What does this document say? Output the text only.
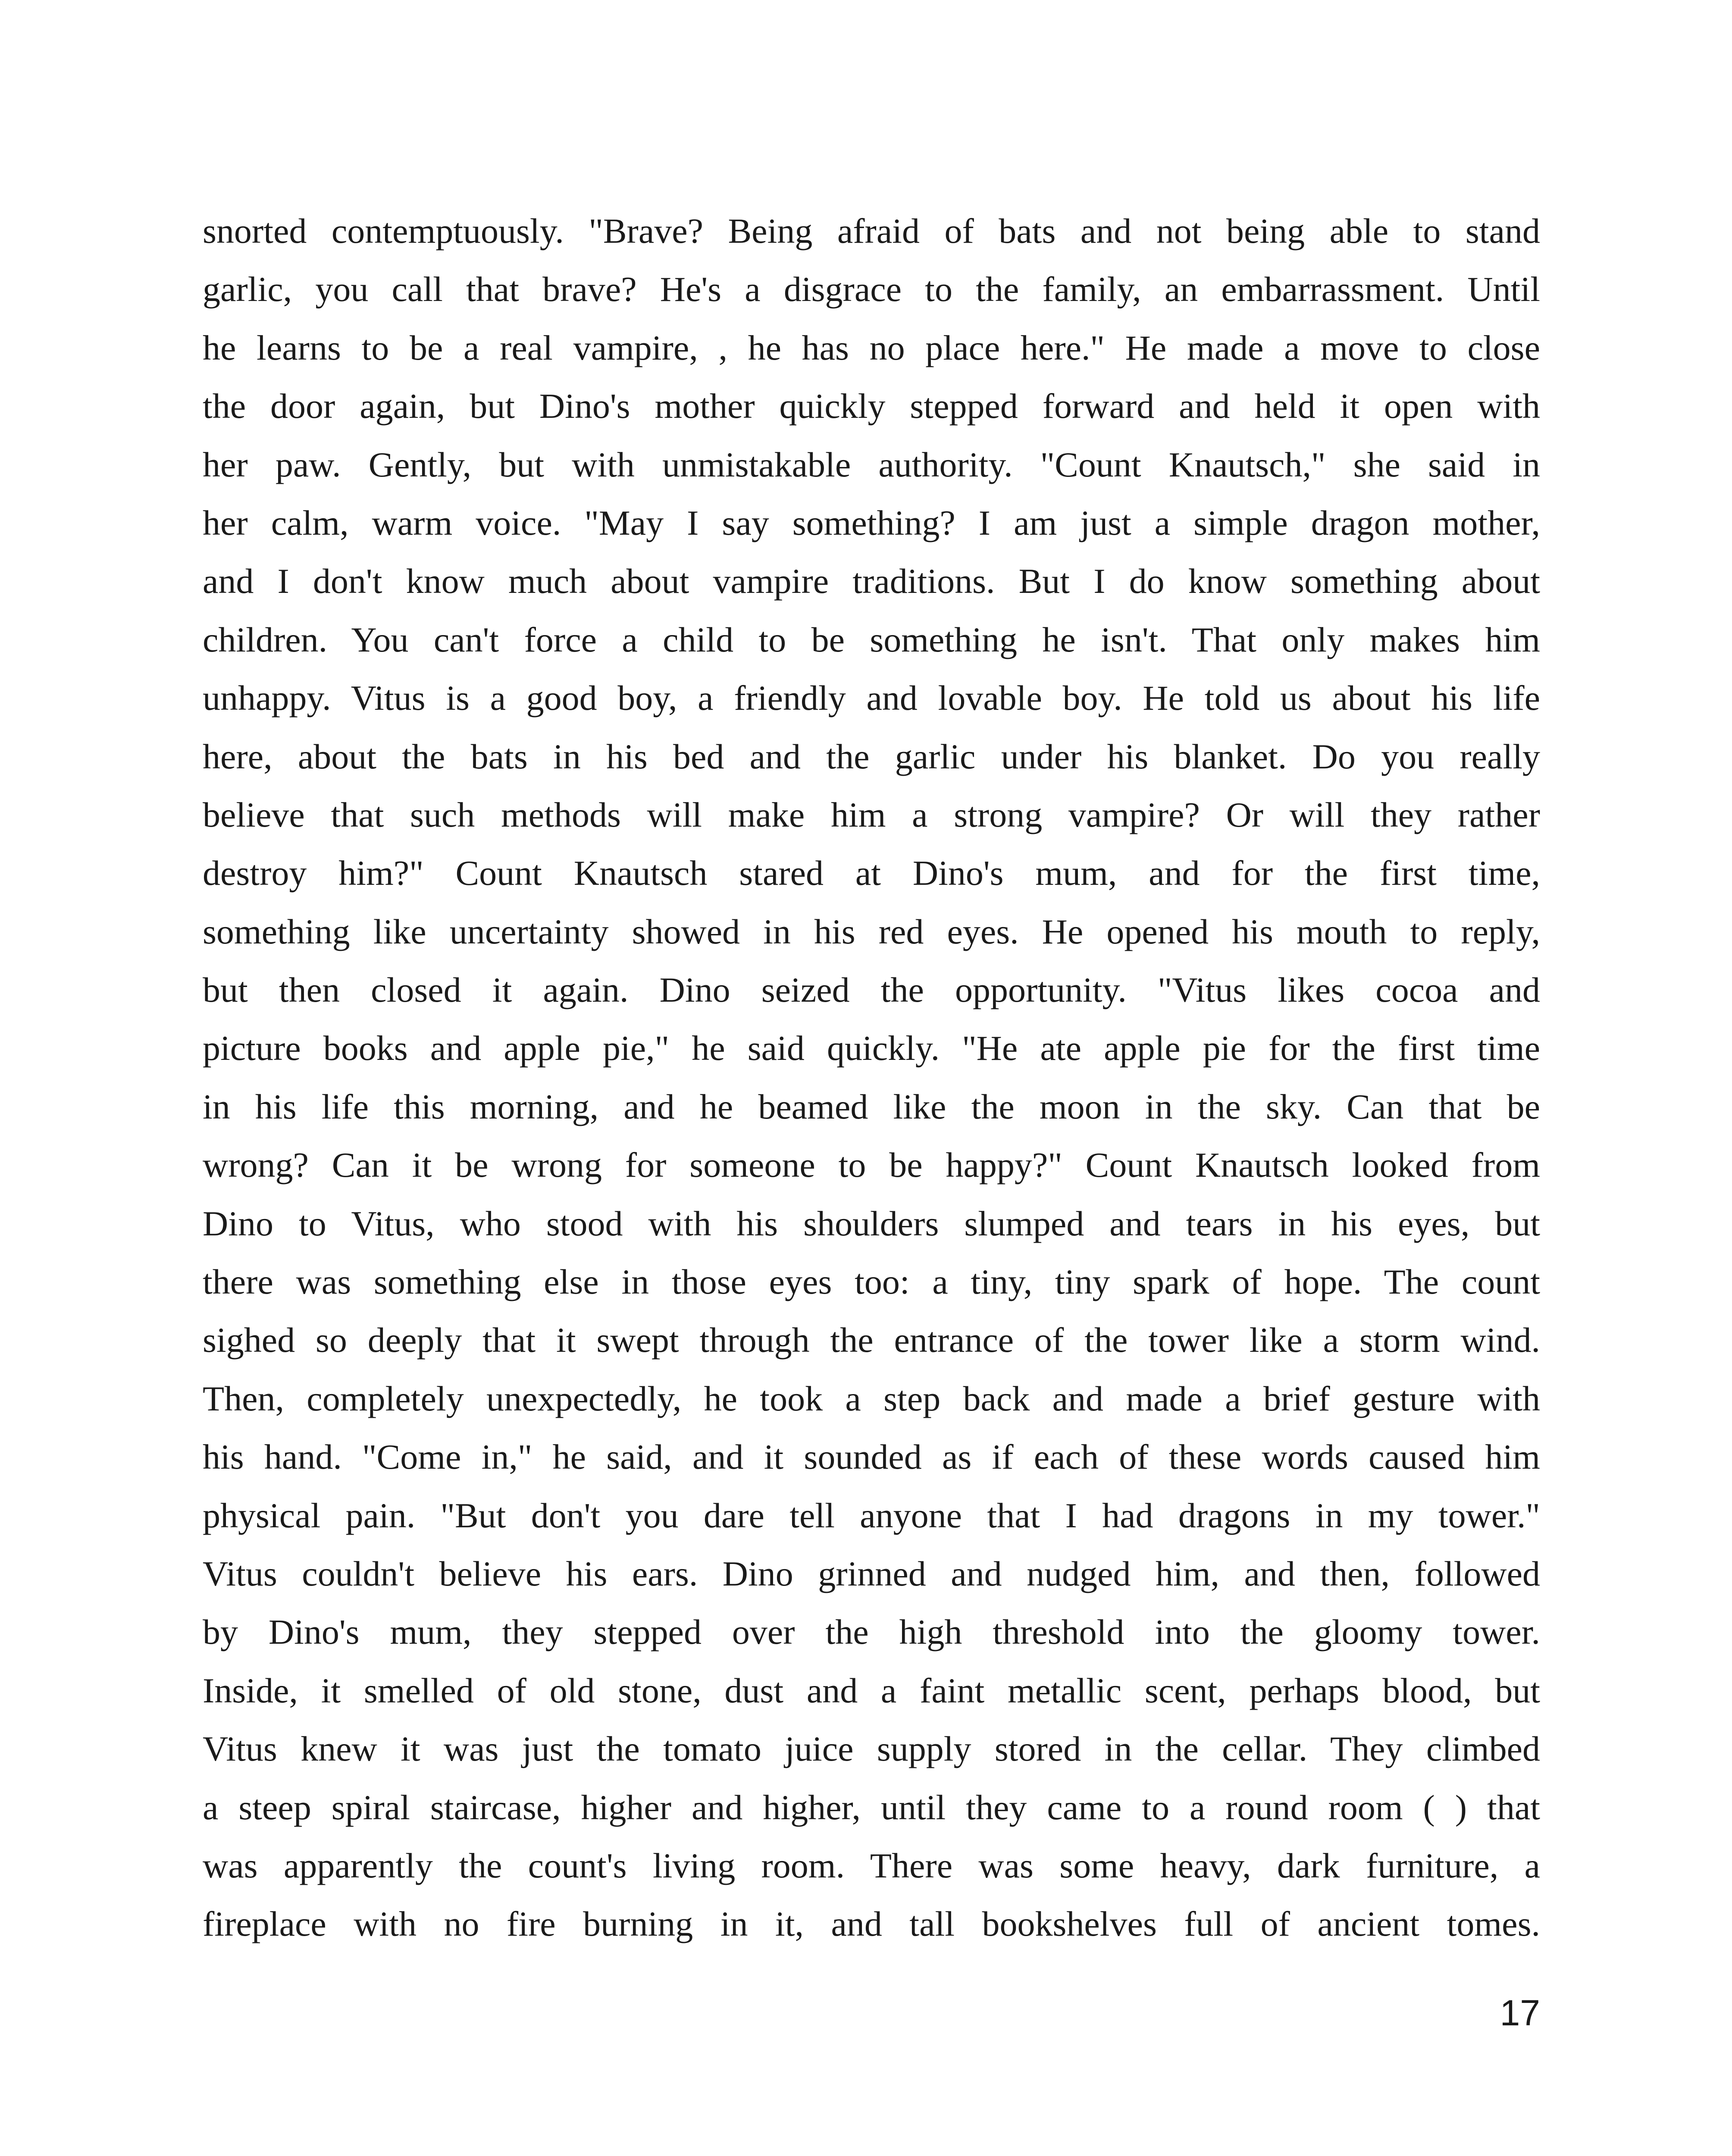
snorted contemptuously. "Brave? Being afraid of bats and not being able to stand
garlic, you call that brave? He's a disgrace to the family, an embarrassment. Until
he learns to be a real vampire, , he has no place here." He made a move to close
the door again, but Dino's mother quickly stepped forward and held it open with
her paw. Gently, but with unmistakable authority. "Count Knautsch," she said in
her calm, warm voice. "May I say something? I am just a simple dragon mother,
and I don't know much about vampire traditions. But I do know something about
children. You can't force a child to be something he isn't. That only makes him
unhappy. Vitus is a good boy, a friendly and lovable boy. He told us about his life
here, about the bats in his bed and the garlic under his blanket. Do you really
believe that such methods will make him a strong vampire? Or will they rather
destroy him?" Count Knautsch stared at Dino's mum, and for the first time,
something like uncertainty showed in his red eyes. He opened his mouth to reply,
but then closed it again. Dino seized the opportunity. "Vitus likes cocoa and
picture books and apple pie," he said quickly. "He ate apple pie for the first time
in his life this morning, and he beamed like the moon in the sky. Can that be
wrong? Can it be wrong for someone to be happy?" Count Knautsch looked from
Dino to Vitus, who stood with his shoulders slumped and tears in his eyes, but
there was something else in those eyes too: a tiny, tiny spark of hope. The count
sighed so deeply that it swept through the entrance of the tower like a storm wind.
Then, completely unexpectedly, he took a step back and made a brief gesture with
his hand. "Come in," he said, and it sounded as if each of these words caused him
physical pain. "But don't you dare tell anyone that I had dragons in my tower."
Vitus couldn't believe his ears. Dino grinned and nudged him, and then, followed
by Dino's mum, they stepped over the high threshold into the gloomy tower.
Inside, it smelled of old stone, dust and a faint metallic scent, perhaps blood, but
Vitus knew it was just the tomato juice supply stored in the cellar. They climbed
a steep spiral staircase, higher and higher, until they came to a round room ( ) that
was apparently the count's living room. There was some heavy, dark furniture, a
fireplace with no fire burning in it, and tall bookshelves full of ancient tomes.

17
